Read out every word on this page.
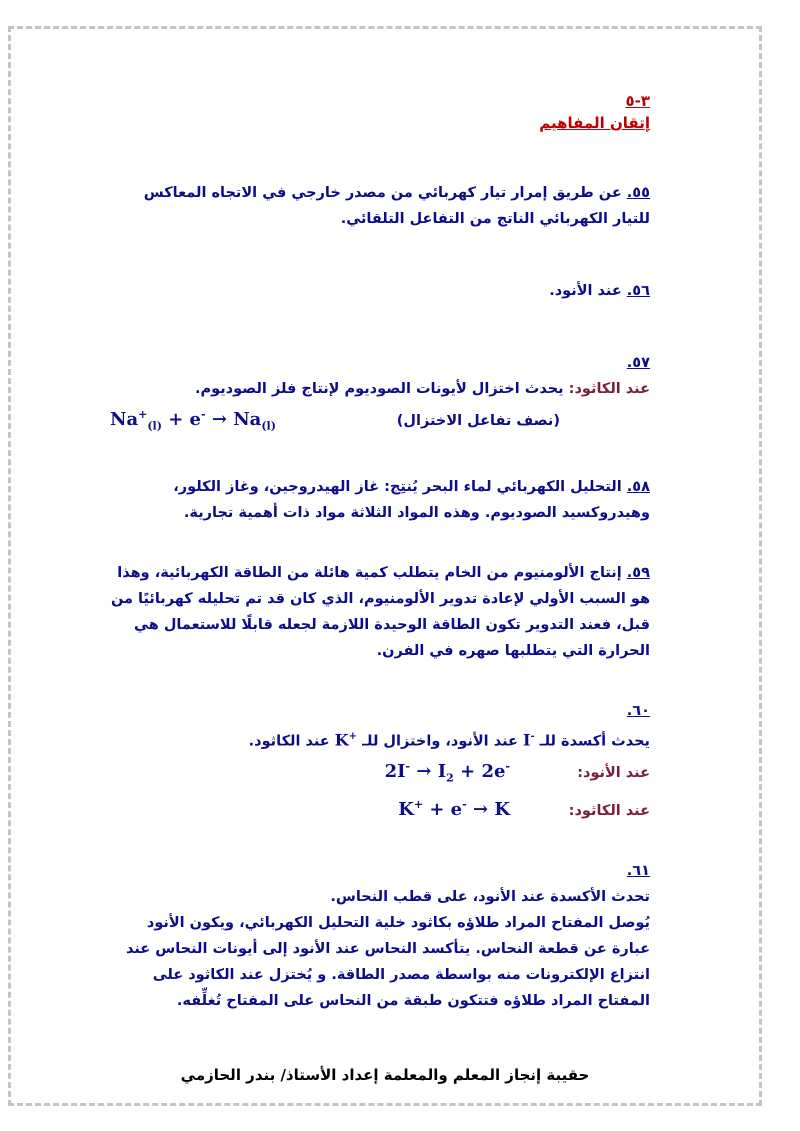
٣-٥
إتقان المفاهيم
٥٥. عن طريق إمرار تيار كهربائي من مصدر خارجي في الاتجاه المعاكس للتيار الكهربائي الناتج من التفاعل التلقائي.
٥٦. عند الأنود.
٥٧.
عند الكاثود: يحدث اختزال لأيونات الصوديوم لإنتاج فلز الصوديوم.
(نصف تفاعل الاختزال)
$Na^+_{(l)} + e^- \to Na_{(l)}$
٥٨. التحليل الكهربائي لماء البحر يُنتِج: غاز الهيدروجين، وغاز الكلور، وهيدروكسيد الصوديوم. وهذه المواد الثلاثة مواد ذات أهمية تجارية.
٥٩. إنتاج الألومنيوم من الخام يتطلب كمية هائلة من الطاقة الكهربائية، وهذا هو السبب الأولي لإعادة تدوير الألومنيوم، الذي كان قد تم تحليله كهربائيًا من قبل، فعند التدوير تكون الطاقة الوحيدة اللازمة لجعله قابلًا للاستعمال هي الحرارة التي يتطلبها صهره في الفرن.
٦٠.
يحدث أكسدة للـ I- عند الأنود، واختزال للـ K+ عند الكاثود.
عند الأنود:
$2I^- \to I_2 + 2e^-$
عند الكاثود:
K+ + e- → K
٦١.
تحدث الأكسدة عند الأنود، على قطب النحاس.
يُوصل المفتاح المراد طلاؤه بكاثود خلية التحليل الكهربائي، ويكون الأنود عبارة عن قطعة النحاس. يتأكسد النحاس عند الأنود إلى أيونات النحاس عند انتزاع الإلكترونات منه بواسطة مصدر الطاقة. و يُختزل عند الكاثود على المفتاح المراد طلاؤه فتتكون طبقة من النحاس على المفتاح تُغلِّفه.
حقيبة إنجاز المعلم والمعلمة إعداد الأستاذ/ بندر الحازمي
